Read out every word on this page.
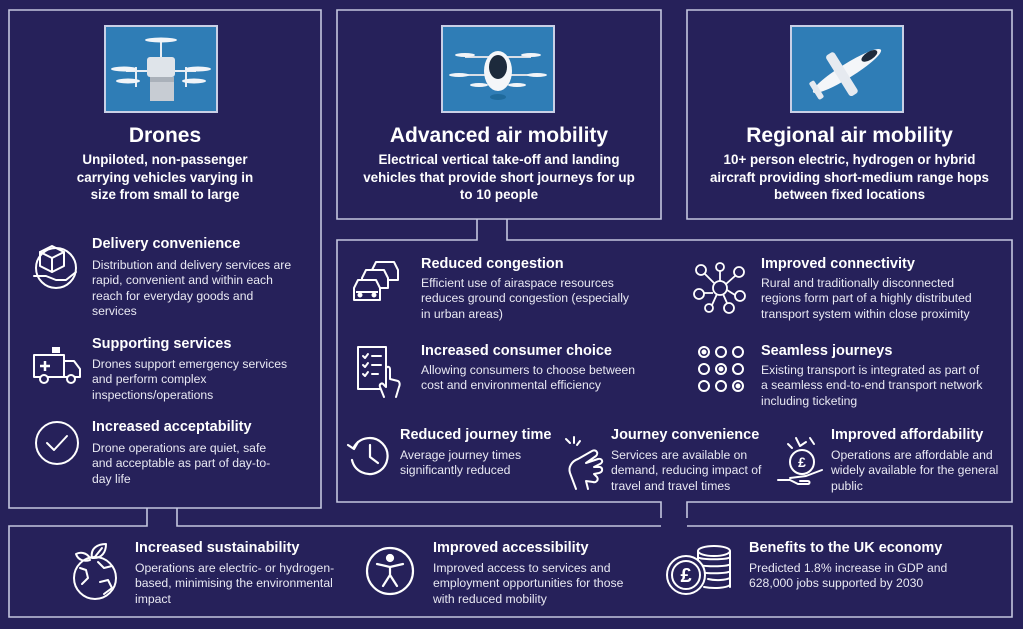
Drones
Unpiloted, non-passenger carrying vehicles varying in size from small to large
Advanced air mobility
Electrical vertical take-off and landing vehicles that provide short journeys for up to 10 people
Regional air mobility
10+ person electric, hydrogen or hybrid aircraft providing short-medium range hops between fixed locations
Delivery convenience
Distribution and delivery services are rapid, convenient and within each reach for everyday goods and services
Supporting services
Drones support emergency services and perform complex inspections/operations
Increased acceptability
Drone operations are quiet, safe and acceptable as part of day-to-day life
Reduced congestion
Efficient use of airaspace resources reduces ground congestion (especially in urban areas)
Improved connectivity
Rural and traditionally disconnected regions form part of a highly distributed transport system within close proximity
Increased consumer choice
Allowing consumers to choose between cost and environmental efficiency
Seamless journeys
Existing transport is integrated as part of a seamless end-to-end transport network including ticketing
Reduced journey time
Average journey times significantly reduced
Journey convenience
Services are available on demand, reducing impact of travel and travel times
£
Improved affordability
Operations are affordable and widely available for the general public
Increased sustainability
Operations are electric- or hydrogen-based, minimising the environmental impact
Improved accessibility
Improved access to services and employment opportunities for those with reduced mobility
£
Benefits to the UK economy
Predicted 1.8% increase in GDP and 628,000 jobs supported by 2030
